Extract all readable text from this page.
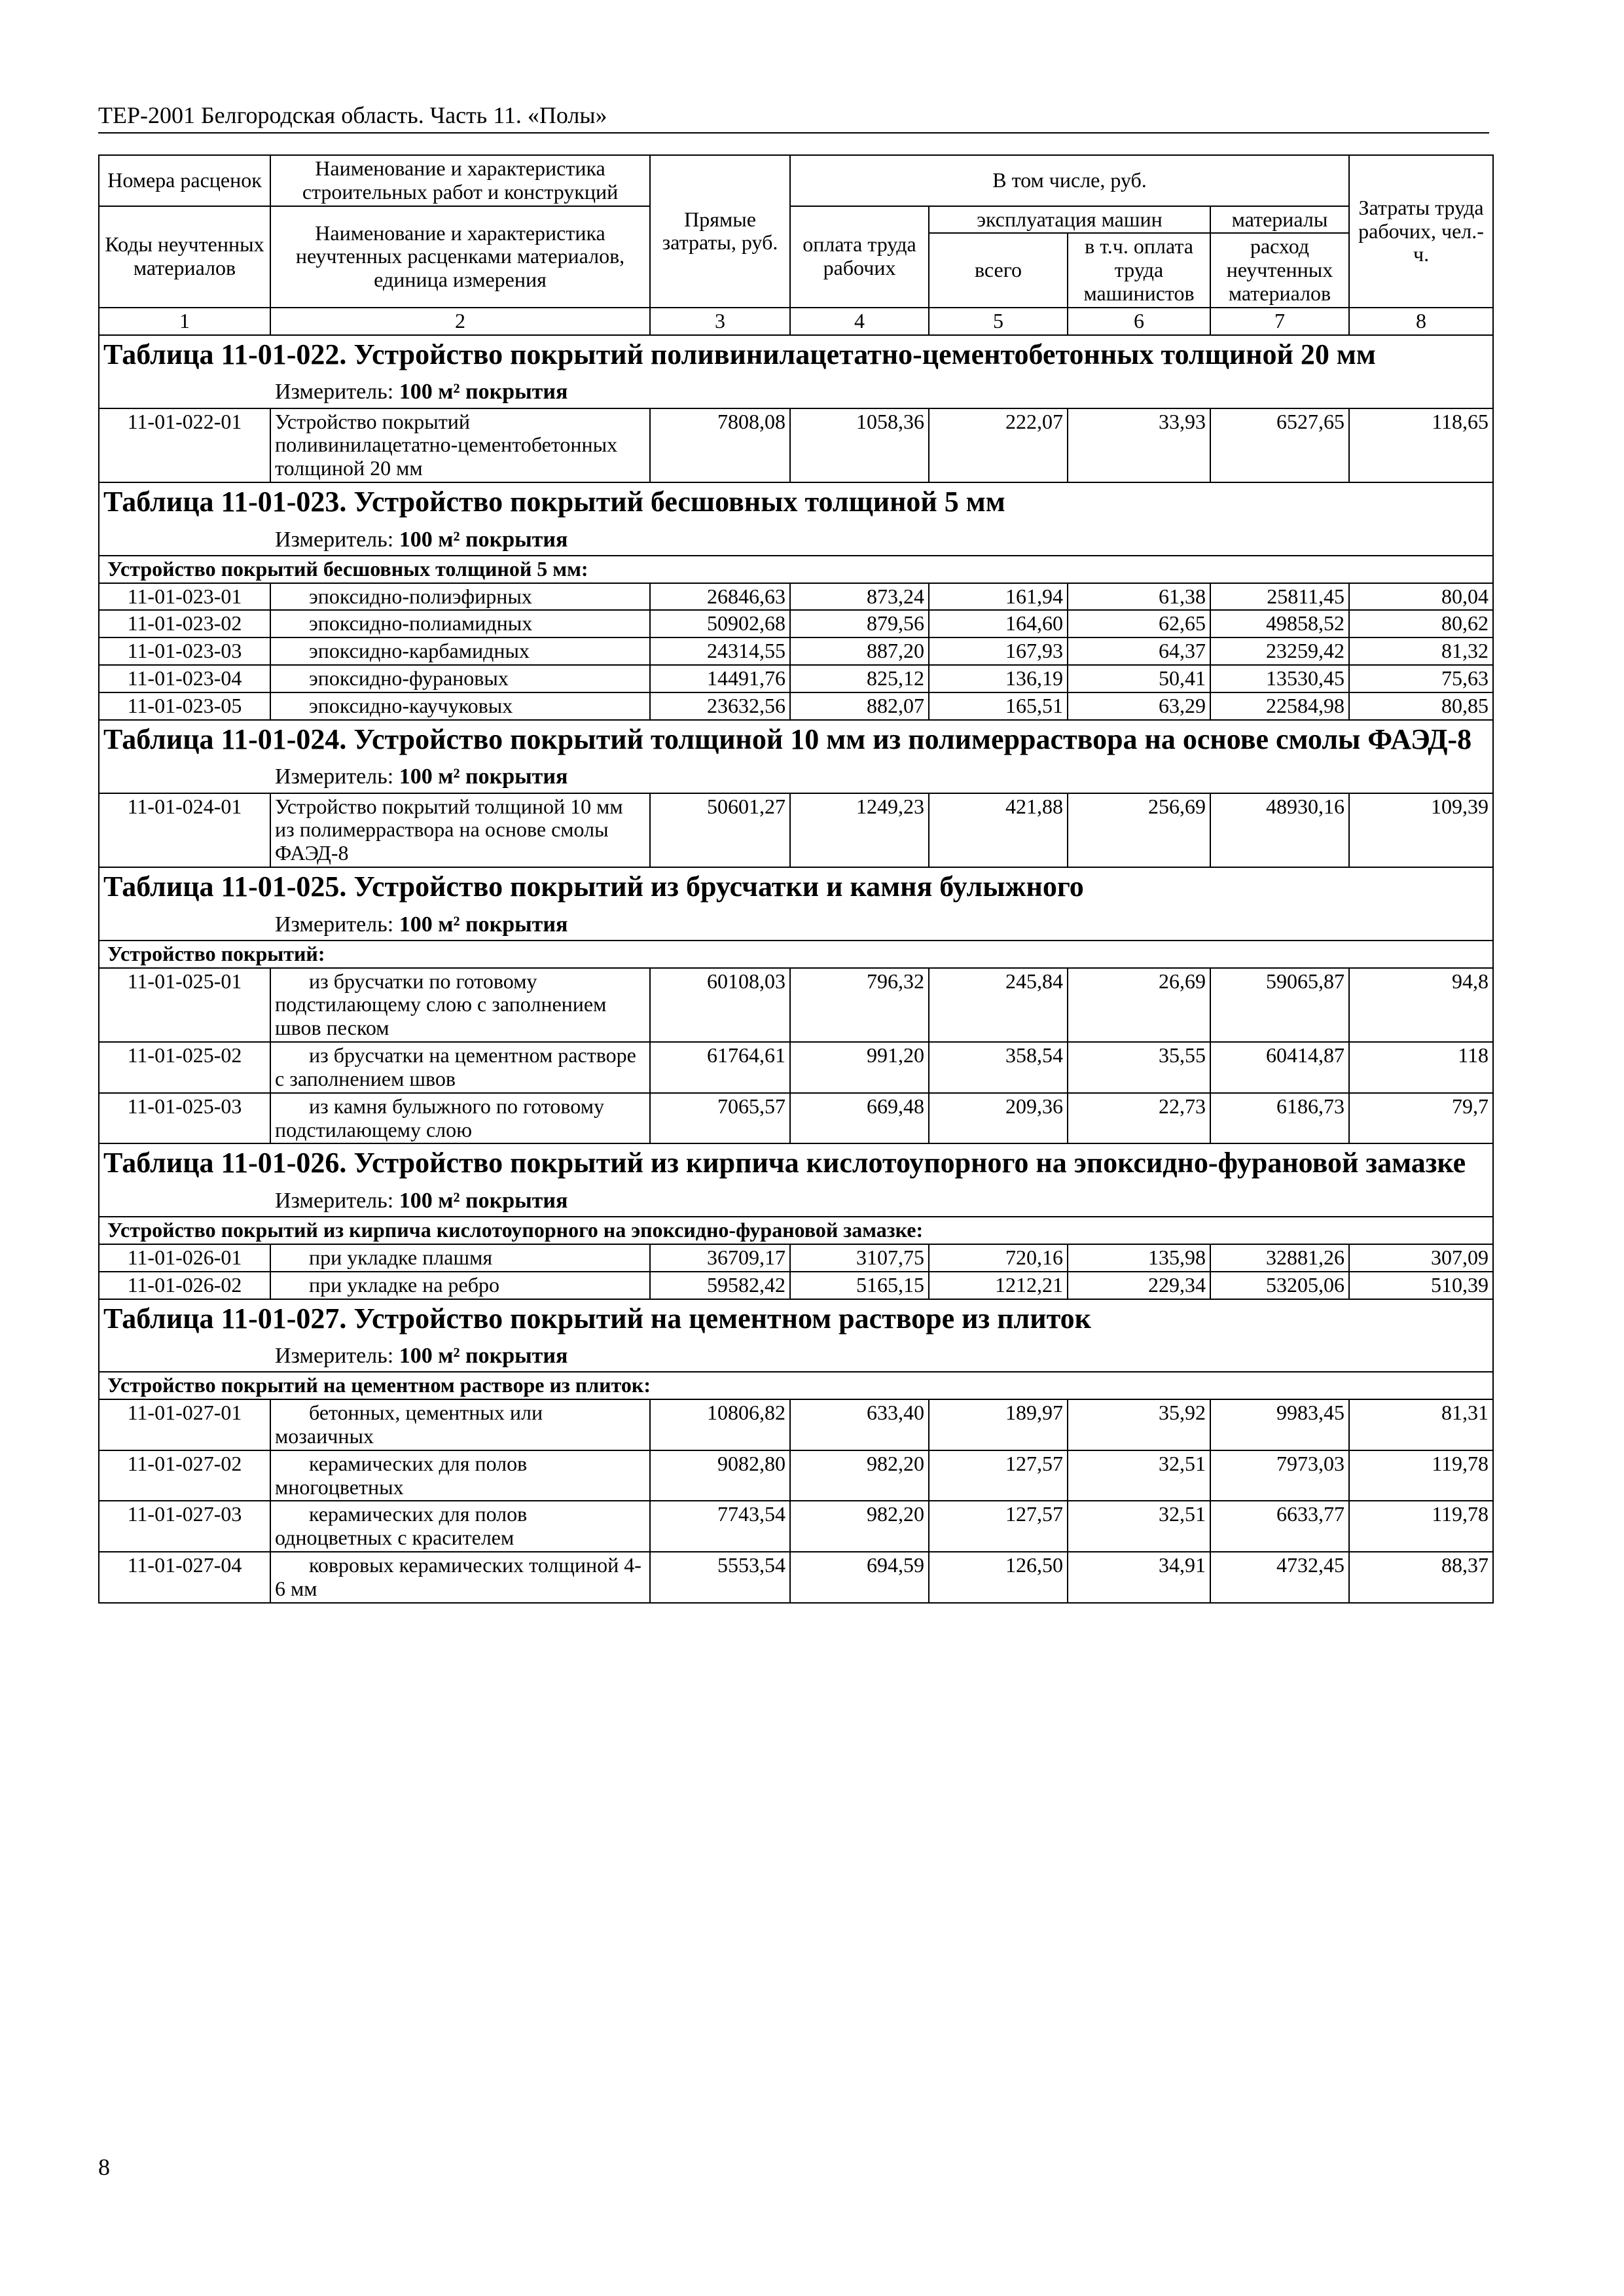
ТЕР-2001 Белгородская область. Часть 11. «Полы»
Номера расценок	Наименование и характеристика строительных работ и конструкций	Прямые затраты, руб.	В том числе, руб.				Затраты труда рабочих, чел.-ч.
Коды неучтенных материалов	Наименование и характеристика неучтенных расценками материалов, единица измерения		оплата труда рабочих	эксплуатация машин		материалы	
				всего	в т.ч. оплата труда машинистов	расход неучтенных материалов	
1	2	3	4	5	6	7	8

Таблица 11-01-022. Устройство покрытий поливинилацетатно-цементобетонных толщиной 20 мм
Измеритель: 100 м² покрытия							

11-01-022-01	Устройство покрытий поливинилацетатно-цементобетонных толщиной 20 мм	7808,08	1058,36	222,07	33,93	6527,65	118,65

Таблица 11-01-023. Устройство покрытий бесшовных толщиной 5 мм
Измеритель: 100 м² покрытия							

Устройство покрытий бесшовных толщиной 5 мм:							
11-01-023-01	эпоксидно-полиэфирных	26846,63	873,24	161,94	61,38	25811,45	80,04
11-01-023-02	эпоксидно-полиамидных	50902,68	879,56	164,60	62,65	49858,52	80,62
11-01-023-03	эпоксидно-карбамидных	24314,55	887,20	167,93	64,37	23259,42	81,32
11-01-023-04	эпоксидно-фурановых	14491,76	825,12	136,19	50,41	13530,45	75,63
11-01-023-05	эпоксидно-каучуковых	23632,56	882,07	165,51	63,29	22584,98	80,85

Таблица 11-01-024. Устройство покрытий толщиной 10 мм из полимерраствора на основе смолы ФАЭД-8
Измеритель: 100 м² покрытия							

11-01-024-01	Устройство покрытий толщиной 10 мм из полимерраствора на основе смолы ФАЭД-8	50601,27	1249,23	421,88	256,69	48930,16	109,39

Таблица 11-01-025. Устройство покрытий из брусчатки и камня булыжного
Измеритель: 100 м² покрытия							

Устройство покрытий:							
11-01-025-01	из брусчатки по готовому подстилающему слою с заполнением швов песком	60108,03	796,32	245,84	26,69	59065,87	94,8
11-01-025-02	из брусчатки на цементном растворе с заполнением швов	61764,61	991,20	358,54	35,55	60414,87	118
11-01-025-03	из камня булыжного по готовому подстилающему слою	7065,57	669,48	209,36	22,73	6186,73	79,7

Таблица 11-01-026. Устройство покрытий из кирпича кислотоупорного на эпоксидно-фурановой замазке
Измеритель: 100 м² покрытия							

Устройство покрытий из кирпича кислотоупорного на эпоксидно-фурановой замазке:							
11-01-026-01	при укладке плашмя	36709,17	3107,75	720,16	135,98	32881,26	307,09
11-01-026-02	при укладке на ребро	59582,42	5165,15	1212,21	229,34	53205,06	510,39

Таблица 11-01-027. Устройство покрытий на цементном растворе из плиток
Измеритель: 100 м² покрытия							

Устройство покрытий на цементном растворе из плиток:							
11-01-027-01	бетонных, цементных или мозаичных	10806,82	633,40	189,97	35,92	9983,45	81,31
11-01-027-02	керамических для полов многоцветных	9082,80	982,20	127,57	32,51	7973,03	119,78
11-01-027-03	керамических для полов одноцветных с красителем	7743,54	982,20	127,57	32,51	6633,77	119,78
11-01-027-04	ковровых керамических толщиной 4-6 мм	5553,54	694,59	126,50	34,91	4732,45	88,37
8
